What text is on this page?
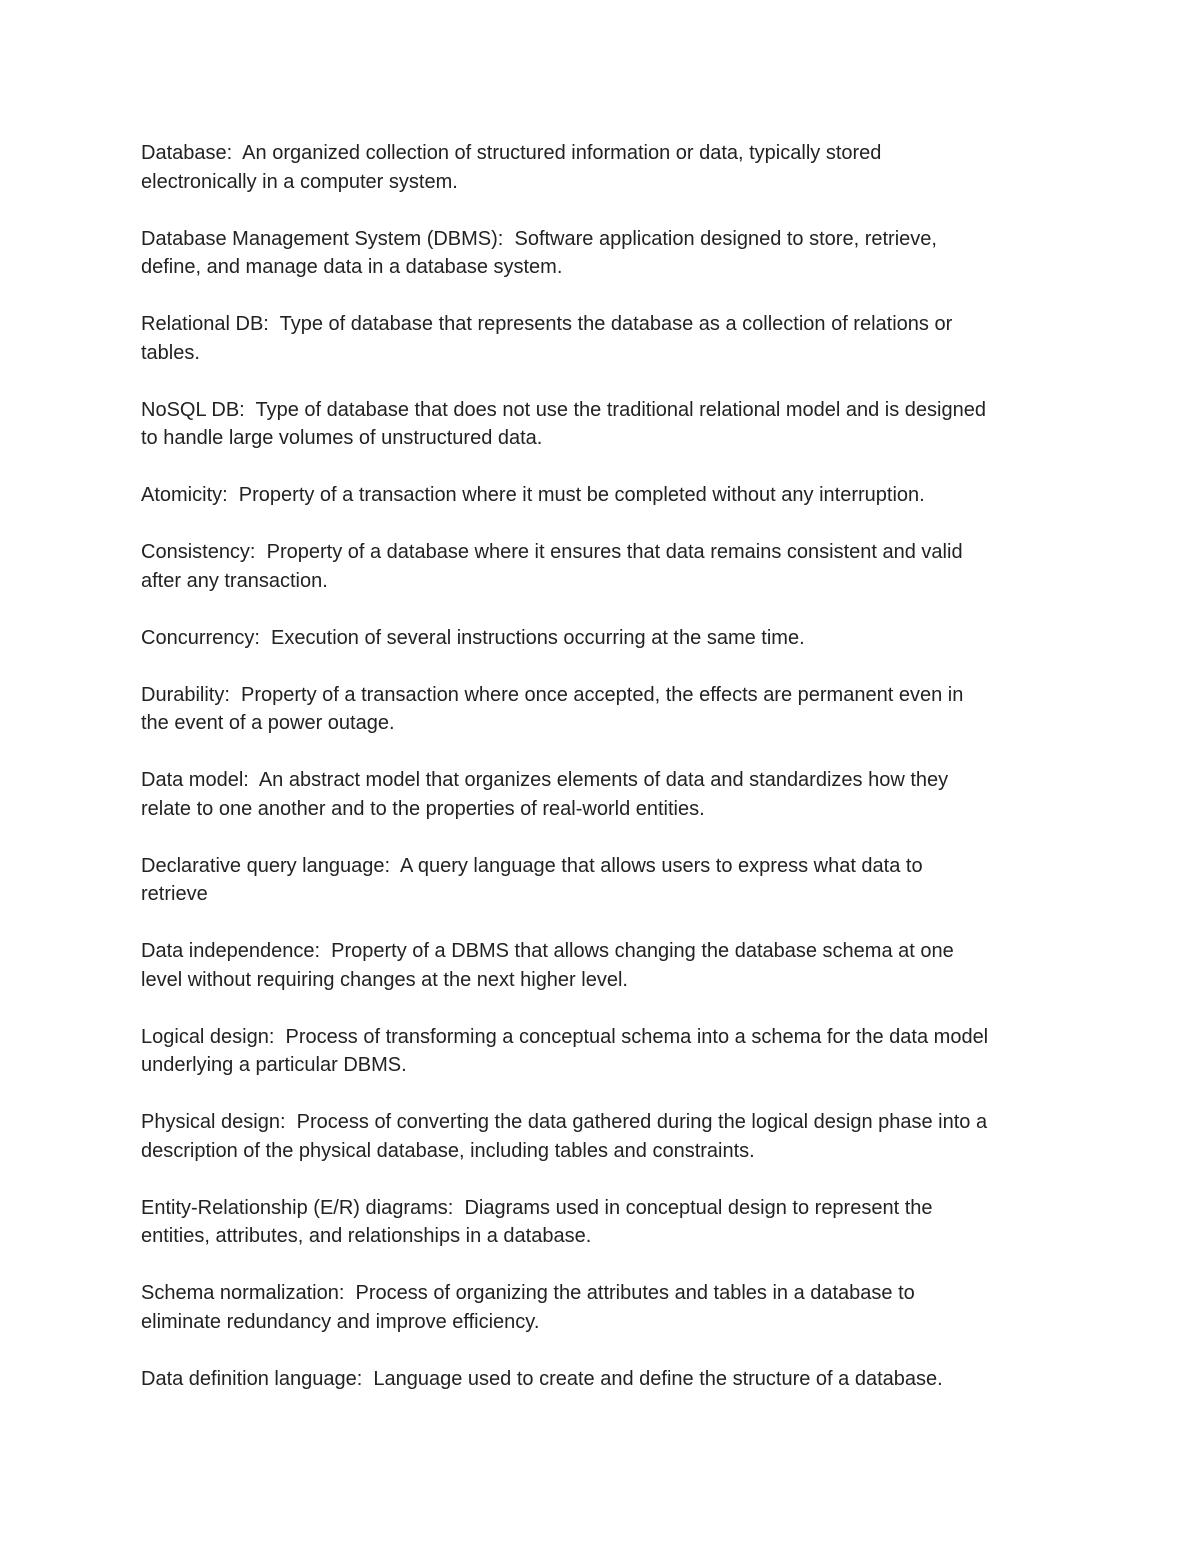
Database:  An organized collection of structured information or data, typically stored
electronically in a computer system.

Database Management System (DBMS):  Software application designed to store, retrieve,
define, and manage data in a database system.

Relational DB:  Type of database that represents the database as a collection of relations or
tables.

NoSQL DB:  Type of database that does not use the traditional relational model and is designed
to handle large volumes of unstructured data.

Atomicity:  Property of a transaction where it must be completed without any interruption.

Consistency:  Property of a database where it ensures that data remains consistent and valid
after any transaction.

Concurrency:  Execution of several instructions occurring at the same time.

Durability:  Property of a transaction where once accepted, the effects are permanent even in
the event of a power outage.

Data model:  An abstract model that organizes elements of data and standardizes how they
relate to one another and to the properties of real-world entities.

Declarative query language:  A query language that allows users to express what data to
retrieve

Data independence:  Property of a DBMS that allows changing the database schema at one
level without requiring changes at the next higher level.

Logical design:  Process of transforming a conceptual schema into a schema for the data model
underlying a particular DBMS.

Physical design:  Process of converting the data gathered during the logical design phase into a
description of the physical database, including tables and constraints.

Entity-Relationship (E/R) diagrams:  Diagrams used in conceptual design to represent the
entities, attributes, and relationships in a database.

Schema normalization:  Process of organizing the attributes and tables in a database to
eliminate redundancy and improve efficiency.

Data definition language:  Language used to create and define the structure of a database.
